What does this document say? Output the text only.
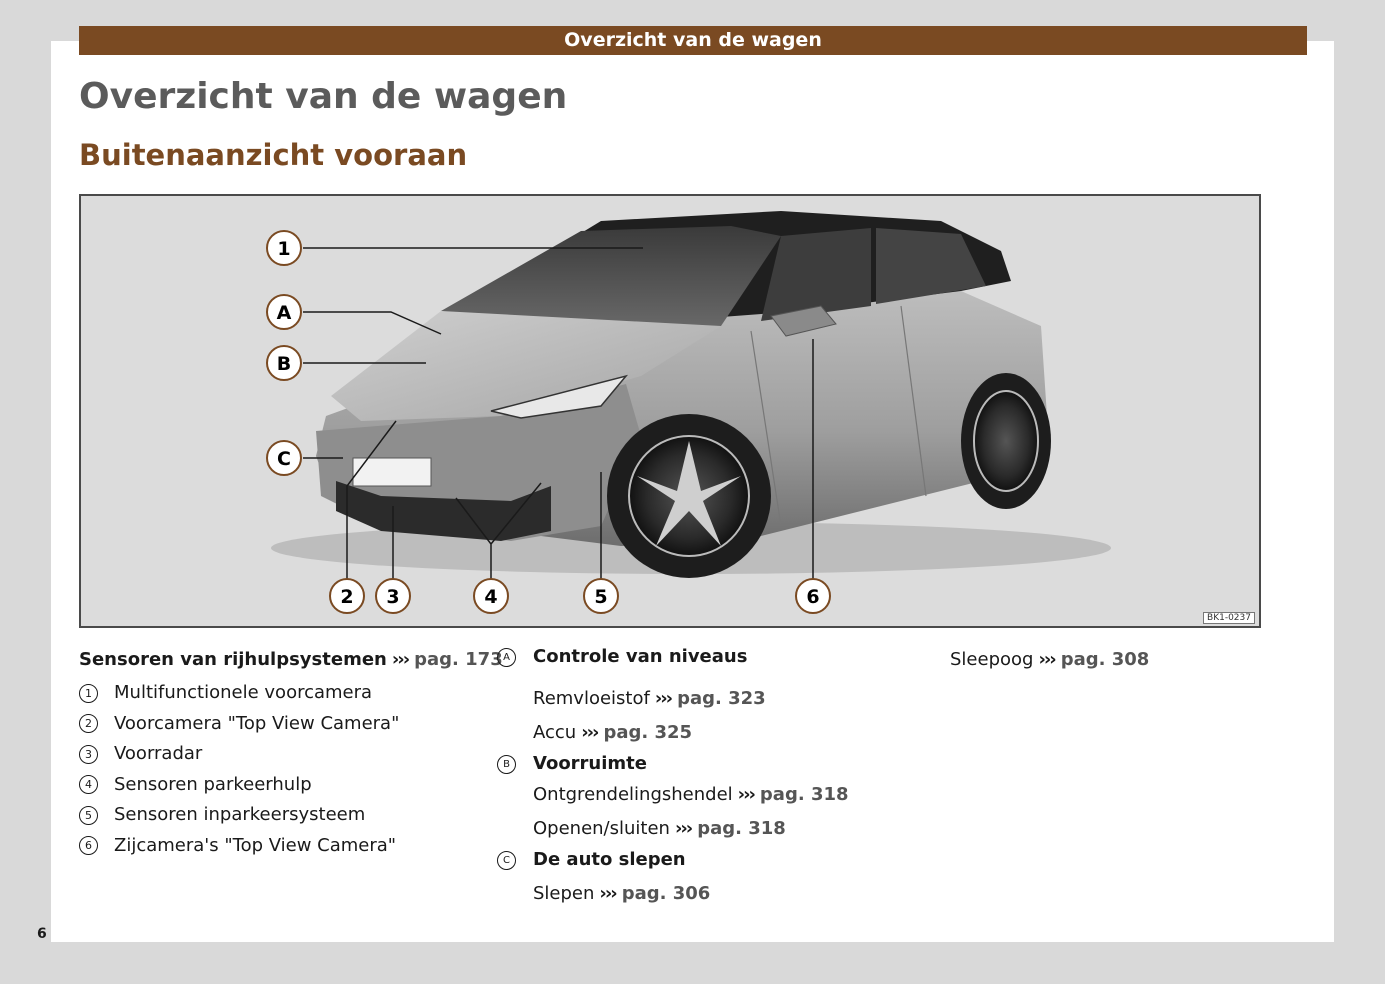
Overzicht van de wagen
Overzicht van de wagen
Buitenaanzicht vooraan
1
A
B
C
2 3	4	5	6
BK1-0237
Sensoren van rijhulpsystemen ››› pag. 173
1	Multifunctionele voorcamera
2	Voorcamera "Top View Camera"
3	Voorradar
4	Sensoren parkeerhulp
5	Sensoren inparkeersysteem
6	Zijcamera's "Top View Camera"
A	Controle van niveaus
Remvloeistof ››› pag. 323
Accu ››› pag. 325
B	Voorruimte
Ontgrendelingshendel ››› pag. 318
Openen/sluiten ››› pag. 318
C	De auto slepen
Slepen ››› pag. 306
Sleepoog ››› pag. 308
6
